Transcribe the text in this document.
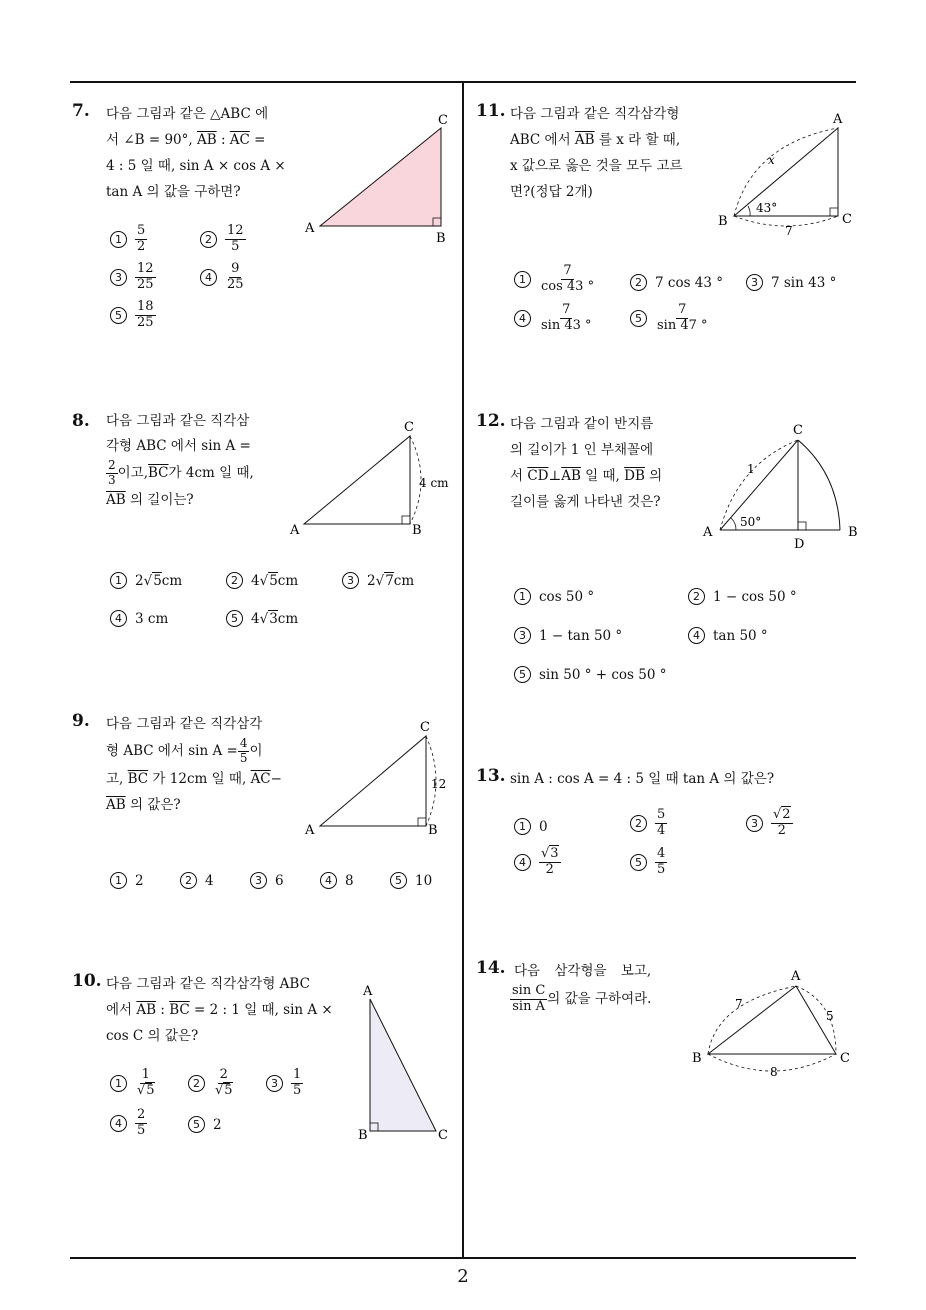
7. 다음 그림과 같은 △ABC 에
서 ∠B = 90°, $\overline{AB}$ : $\overline{AC}$ =
4 : 5 일 때, sin A × cos A ×
tan A 의 값을 구하면?
1	$\frac{5}{2}$	2	$\frac{12}{5}$
3	$\frac{12}{25}$	4	$\frac{9}{25}$
5	$\frac{18}{25}$
A
B
C
8. 다음 그림과 같은 직각삼
각형 ABC 에서 sin A =
$\frac{2}{3}$ 이고, $\overline{BC}$ 가 4cm 일 때,
$\overline{AB}$ 의 길이는?
1 2 √ 5 cm	2 4 √ 5 cm	3 2 √ 7 cm
4 3 cm	5 4 √ 3 cm
A	B
C
4 cm
9. 다음 그림과 같은 직각삼각
형 ABC 에서 $\sin A = \frac{4}{5}$ 이
고, $\overline{BC}$ 가 12cm 일 때, $\overline{AC}-$
$\overline{AB}$ 의 값은?
1 2	2 4	3 6	4 8	5 10
A	B
C
12
10. 다음 그림과 같은 직각삼각형 ABC
에서 $\overline{AB}$ : $\overline{BC} = 2$ : 1 일 때, sin A ×
cos C 의 값은?
1	$\frac{1}{√5}$	2	$\frac{2}{√5}$	3	$\frac{1}{5}$
4	$\frac{2}{5}$	5 2
A
B	C
11. 다음 그림과 같은 직각삼각형
ABC 에서 $\overline{AB}$ 를 x 라 할 때,
x 값으로 옳은 것을 모두 고르
면?(정답 2개)
1	$\frac{7}{\cos 43 ^\circ}$	2 7 cos 43 °	3 7 sin 43 °
4	$\frac{7}{\sin 43 ^\circ}$	5	$\frac{7}{\sin 47 ^\circ}$
A
B	C
x
43°
7
12. 다음 그림과 같이 반지름
의 길이가 1 인 부채꼴에
서 $\overline{CD}\perp\overline{AB}$ 일 때, $\overline{DB}$ 의
길이를 옳게 나타낸 것은?
1 cos 50 °	2 1 − cos 50 °
3 1 − tan 50 °	4 tan 50 °
5 sin 50 ° + cos 50 °
A	B
C
D
1
50°
13. sin A : cos A = 4 : 5 일 때 tan A 의 값은?
1 0	2	$\frac{5}{4}$	3	$\frac{√2}{2}$
4	$\frac{√3}{2}$	5	$\frac{4}{5}$
14. 다음 삼각형을 보고,
$\frac{\text{sin C}}{\text{sin A}}$ 의 값을 구하여라.
A
B	C
7
5
8
2
